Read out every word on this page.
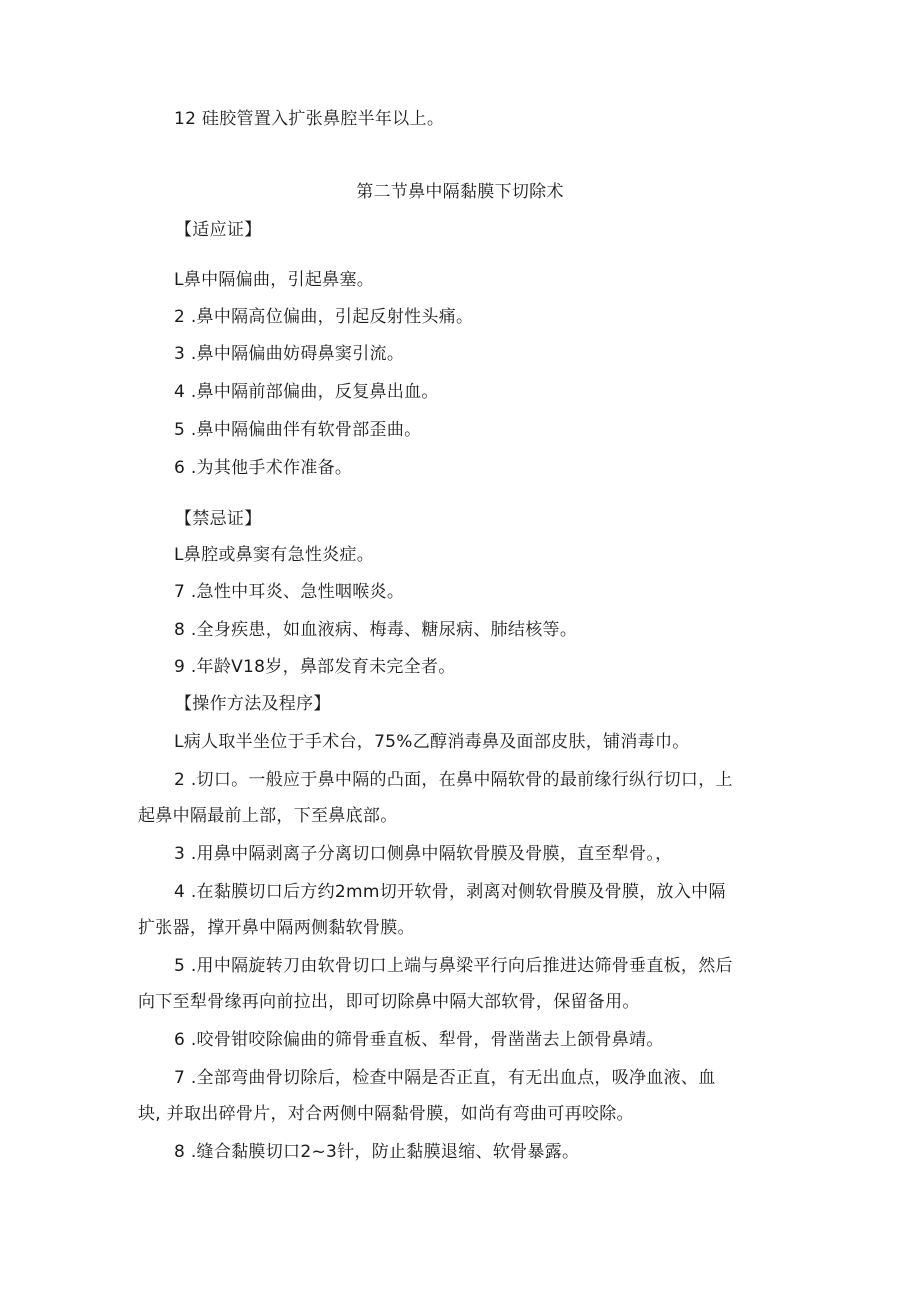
12 硅胶管置入扩张鼻腔半年以上。
第二节鼻中隔黏膜下切除术
【适应证】
L鼻中隔偏曲，引起鼻塞。
2 .鼻中隔高位偏曲，引起反射性头痛。
3 .鼻中隔偏曲妨碍鼻窦引流。
4 .鼻中隔前部偏曲，反复鼻出血。
5 .鼻中隔偏曲伴有软骨部歪曲。
6 .为其他手术作准备。
【禁忌证】
L鼻腔或鼻窦有急性炎症。
7 .急性中耳炎、急性咽喉炎。
8 .全身疾患，如血液病、梅毒、糖尿病、肺结核等。
9 .年龄V18岁，鼻部发育未完全者。
【操作方法及程序】
L病人取半坐位于手术台，75%乙醇消毒鼻及面部皮肤，铺消毒巾。
2 .切口。一般应于鼻中隔的凸面，在鼻中隔软骨的最前缘行纵行切口，上
起鼻中隔最前上部，下至鼻底部。
3 .用鼻中隔剥离子分离切口侧鼻中隔软骨膜及骨膜，直至犁骨。，
4 .在黏膜切口后方约2mm切开软骨，剥离对侧软骨膜及骨膜，放入中隔
扩张器，撑开鼻中隔两侧黏软骨膜。
5 .用中隔旋转刀由软骨切口上端与鼻梁平行向后推进达筛骨垂直板，然后
向下至犁骨缘再向前拉出，即可切除鼻中隔大部软骨，保留备用。
6 .咬骨钳咬除偏曲的筛骨垂直板、犁骨，骨凿凿去上颌骨鼻靖。
7 .全部弯曲骨切除后，检查中隔是否正直，有无出血点，吸净血液、血
块, 并取出碎骨片，对合两侧中隔黏骨膜，如尚有弯曲可再咬除。
8 .缝合黏膜切口2~3针，防止黏膜退缩、软骨暴露。
